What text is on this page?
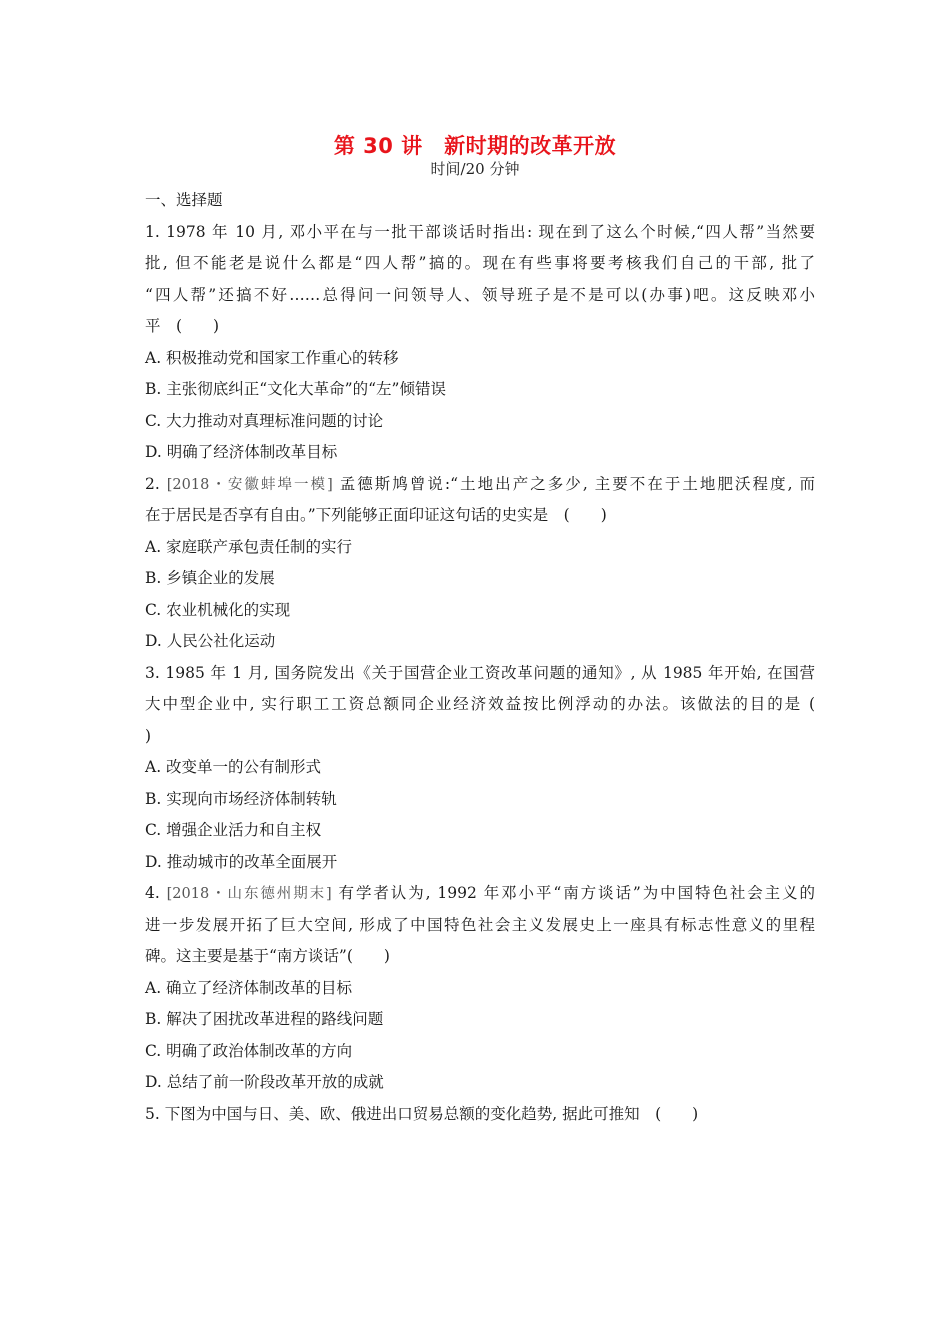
第 30 讲　新时期的改革开放
时间/20 分钟
一、选择题
1. 1978 年 10 月, 邓小平在与一批干部谈话时指出: 现在到了这么个时候,“四人帮”当然要
批, 但不能老是说什么都是“四人帮”搞的。现在有些事将要考核我们自己的干部, 批了
“四人帮”还搞不好……总得问一问领导人、领导班子是不是可以(办事)吧。这反映邓小
平　(　　)
A. 积极推动党和国家工作重心的转移
B. 主张彻底纠正“文化大革命”的“左”倾错误
C. 大力推动对真理标准问题的讨论
D. 明确了经济体制改革目标
2. [2018・安徽蚌埠一模] 孟德斯鸠曾说:“土地出产之多少, 主要不在于土地肥沃程度, 而
在于居民是否享有自由。”下列能够正面印证这句话的史实是　(　　)
A. 家庭联产承包责任制的实行
B. 乡镇企业的发展
C. 农业机械化的实现
D. 人民公社化运动
3. 1985 年 1 月, 国务院发出《关于国营企业工资改革问题的通知》, 从 1985 年开始, 在国营
大中型企业中, 实行职工工资总额同企业经济效益按比例浮动的办法。该做法的目的是 (
)
A. 改变单一的公有制形式
B. 实现向市场经济体制转轨
C. 增强企业活力和自主权
D. 推动城市的改革全面展开
4. [2018・山东德州期末] 有学者认为, 1992 年邓小平“南方谈话”为中国特色社会主义的
进一步发展开拓了巨大空间, 形成了中国特色社会主义发展史上一座具有标志性意义的里程
碑。这主要是基于“南方谈话”(　　)
A. 确立了经济体制改革的目标
B. 解决了困扰改革进程的路线问题
C. 明确了政治体制改革的方向
D. 总结了前一阶段改革开放的成就
5. 下图为中国与日、美、欧、俄进出口贸易总额的变化趋势, 据此可推知　(　　)
